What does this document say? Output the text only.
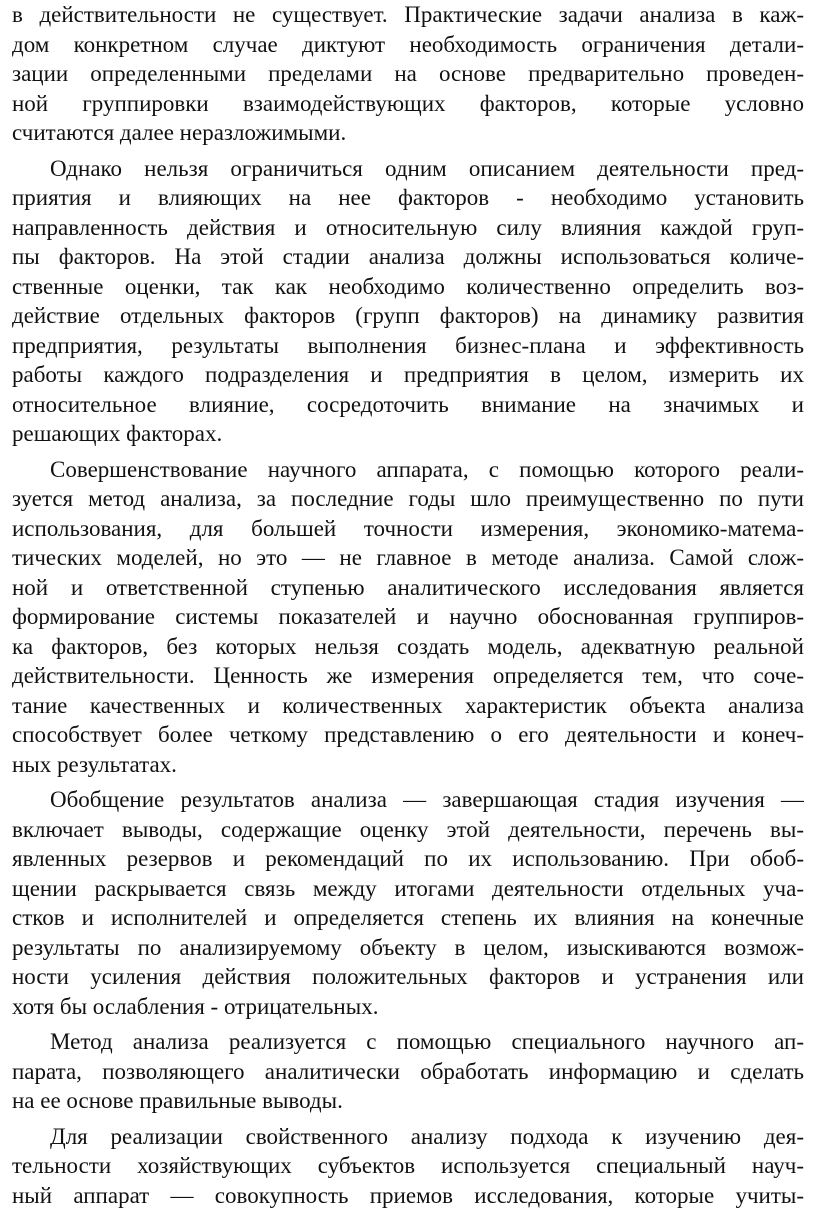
в действительности не существует. Практические задачи анализа в каж-
дом конкретном случае диктуют необходимость ограничения детали-
зации определенными пределами на основе предварительно проведен-
ной группировки взаимодействующих факторов, которые условно
считаются далее неразложимыми.
Однако нельзя ограничиться одним описанием деятельности пред-
приятия и влияющих на нее факторов - необходимо установить
направленность действия и относительную силу влияния каждой груп-
пы факторов. На этой стадии анализа должны использоваться количе-
ственные оценки, так как необходимо количественно определить воз-
действие отдельных факторов (групп факторов) на динамику развития
предприятия, результаты выполнения бизнес-плана и эффективность
работы каждого подразделения и предприятия в целом, измерить их
относительное влияние, сосредоточить внимание на значимых и
решающих факторах.
Совершенствование научного аппарата, с помощью которого реали-
зуется метод анализа, за последние годы шло преимущественно по пути
использования, для большей точности измерения, экономико-матема-
тических моделей, но это — не главное в методе анализа. Самой слож-
ной и ответственной ступенью аналитического исследования является
формирование системы показателей и научно обоснованная группиров-
ка факторов, без которых нельзя создать модель, адекватную реальной
действительности. Ценность же измерения определяется тем, что соче-
тание качественных и количественных характеристик объекта анализа
способствует более четкому представлению о его деятельности и конеч-
ных результатах.
Обобщение результатов анализа — завершающая стадия изучения —
включает выводы, содержащие оценку этой деятельности, перечень вы-
явленных резервов и рекомендаций по их использованию. При обоб-
щении раскрывается связь между итогами деятельности отдельных уча-
стков и исполнителей и определяется степень их влияния на конечные
результаты по анализируемому объекту в целом, изыскиваются возмож-
ности усиления действия положительных факторов и устранения или
хотя бы ослабления - отрицательных.
Метод анализа реализуется с помощью специального научного ап-
парата, позволяющего аналитически обработать информацию и сделать
на ее основе правильные выводы.
Для реализации свойственного анализу подхода к изучению дея-
тельности хозяйствующих субъектов используется специальный науч-
ный аппарат — совокупность приемов исследования, которые учиты-
